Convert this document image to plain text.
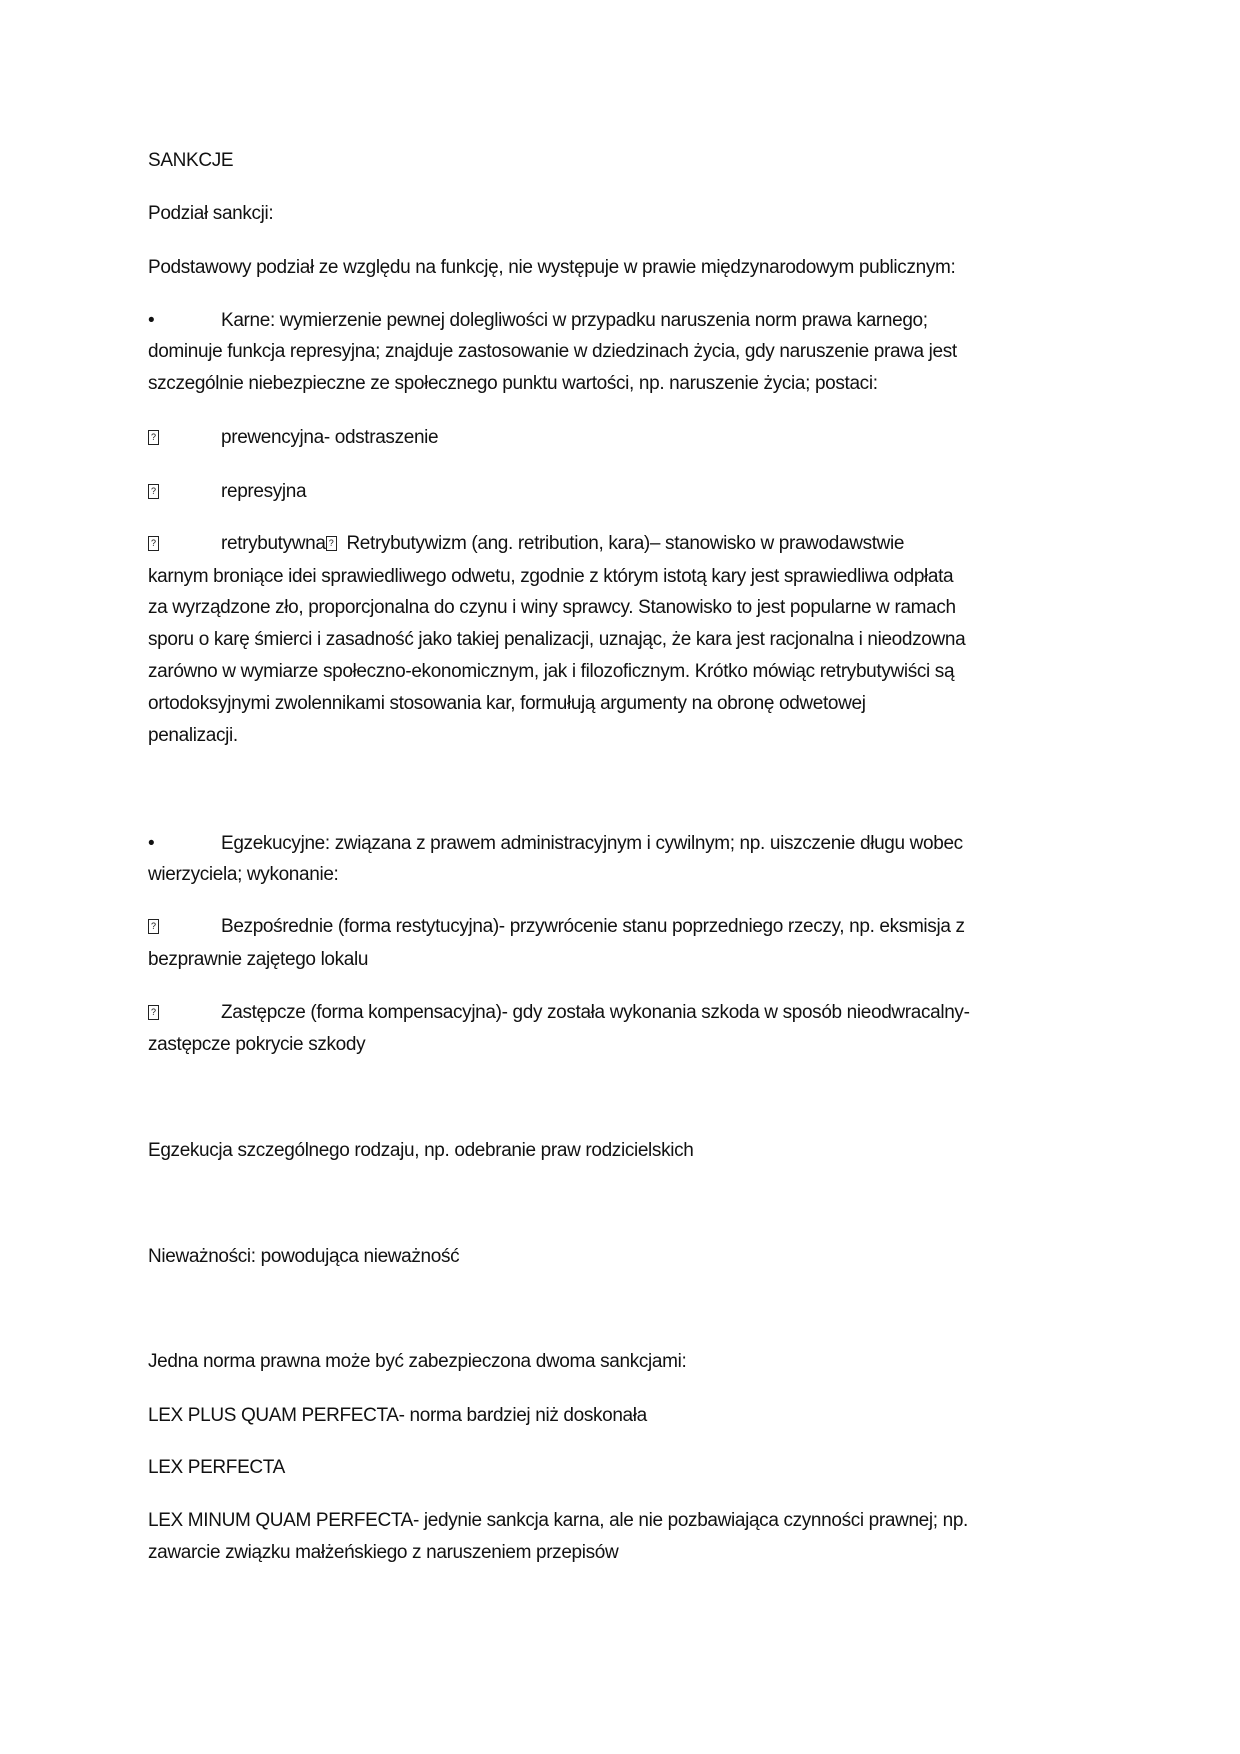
SANKCJE
Podział sankcji:
Podstawowy podział ze względu na funkcję, nie występuje w prawie międzynarodowym publicznym:
•	Karne: wymierzenie pewnej dolegliwości w przypadku naruszenia norm prawa karnego;
dominuje funkcja represyjna; znajduje zastosowanie w dziedzinach życia, gdy naruszenie prawa jest
szczególnie niebezpieczne ze społecznego punktu wartości, np. naruszenie życia; postaci:
?	prewencyjna- odstraszenie
?	represyjna
?	retrybutywna ? Retrybutywizm (ang. retribution, kara)– stanowisko w prawodawstwie
karnym broniące idei sprawiedliwego odwetu, zgodnie z którym istotą kary jest sprawiedliwa odpłata
za wyrządzone zło, proporcjonalna do czynu i winy sprawcy. Stanowisko to jest popularne w ramach
sporu o karę śmierci i zasadność jako takiej penalizacji, uznając, że kara jest racjonalna i nieodzowna
zarówno w wymiarze społeczno-ekonomicznym, jak i filozoficznym. Krótko mówiąc retrybutywiści są
ortodoksyjnymi zwolennikami stosowania kar, formułują argumenty na obronę odwetowej
penalizacji.
•	Egzekucyjne: związana z prawem administracyjnym i cywilnym; np. uiszczenie długu wobec
wierzyciela; wykonanie:
?	Bezpośrednie (forma restytucyjna)- przywrócenie stanu poprzedniego rzeczy, np. eksmisja z
bezprawnie zajętego lokalu
?	Zastępcze (forma kompensacyjna)- gdy została wykonania szkoda w sposób nieodwracalny-
zastępcze pokrycie szkody
Egzekucja szczególnego rodzaju, np. odebranie praw rodzicielskich
Nieważności: powodująca nieważność
Jedna norma prawna może być zabezpieczona dwoma sankcjami:
LEX PLUS QUAM PERFECTA- norma bardziej niż doskonała
LEX PERFECTA
LEX MINUM QUAM PERFECTA- jedynie sankcja karna, ale nie pozbawiająca czynności prawnej; np.
zawarcie związku małżeńskiego z naruszeniem przepisów
